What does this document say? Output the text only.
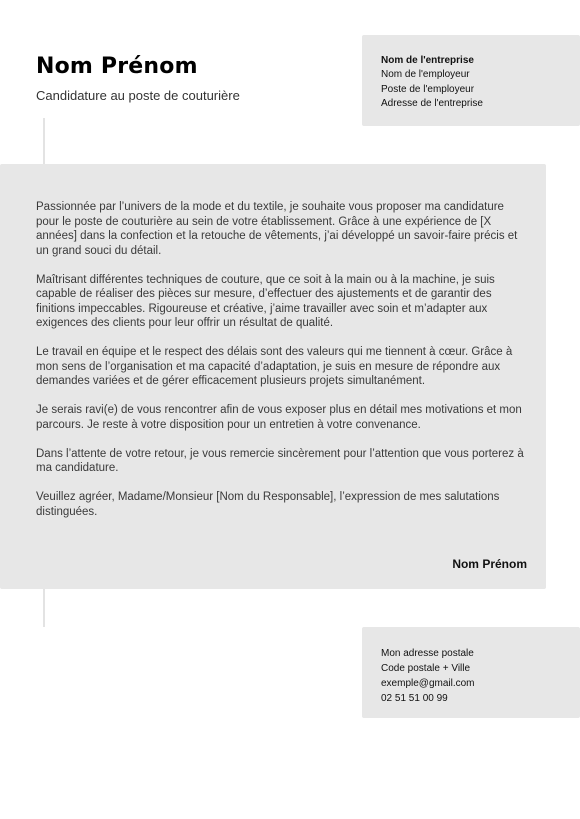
Nom Prénom
Candidature au poste de couturière
Nom de l'entreprise
Nom de l'employeur
Poste de l'employeur
Adresse de l'entreprise

Passionnée par l’univers de la mode et du textile, je souhaite vous proposer ma candidature pour le poste de couturière au sein de votre établissement. Grâce à une expérience de [X années] dans la confection et la retouche de vêtements, j’ai développé un savoir-faire précis et un grand souci du détail.

Maîtrisant différentes techniques de couture, que ce soit à la main ou à la machine, je suis capable de réaliser des pièces sur mesure, d’effectuer des ajustements et de garantir des finitions impeccables. Rigoureuse et créative, j’aime travailler avec soin et m’adapter aux exigences des clients pour leur offrir un résultat de qualité.

Le travail en équipe et le respect des délais sont des valeurs qui me tiennent à cœur. Grâce à mon sens de l’organisation et ma capacité d’adaptation, je suis en mesure de répondre aux demandes variées et de gérer efficacement plusieurs projets simultanément.

Je serais ravi(e) de vous rencontrer afin de vous exposer plus en détail mes motivations et mon parcours. Je reste à votre disposition pour un entretien à votre convenance.

Dans l’attente de votre retour, je vous remercie sincèrement pour l’attention que vous porterez à ma candidature.

Veuillez agréer, Madame/Monsieur [Nom du Responsable], l’expression de mes salutations distinguées.

Nom Prénom
Mon adresse postale
Code postale + Ville
exemple@gmail.com
02 51 51 00 99
